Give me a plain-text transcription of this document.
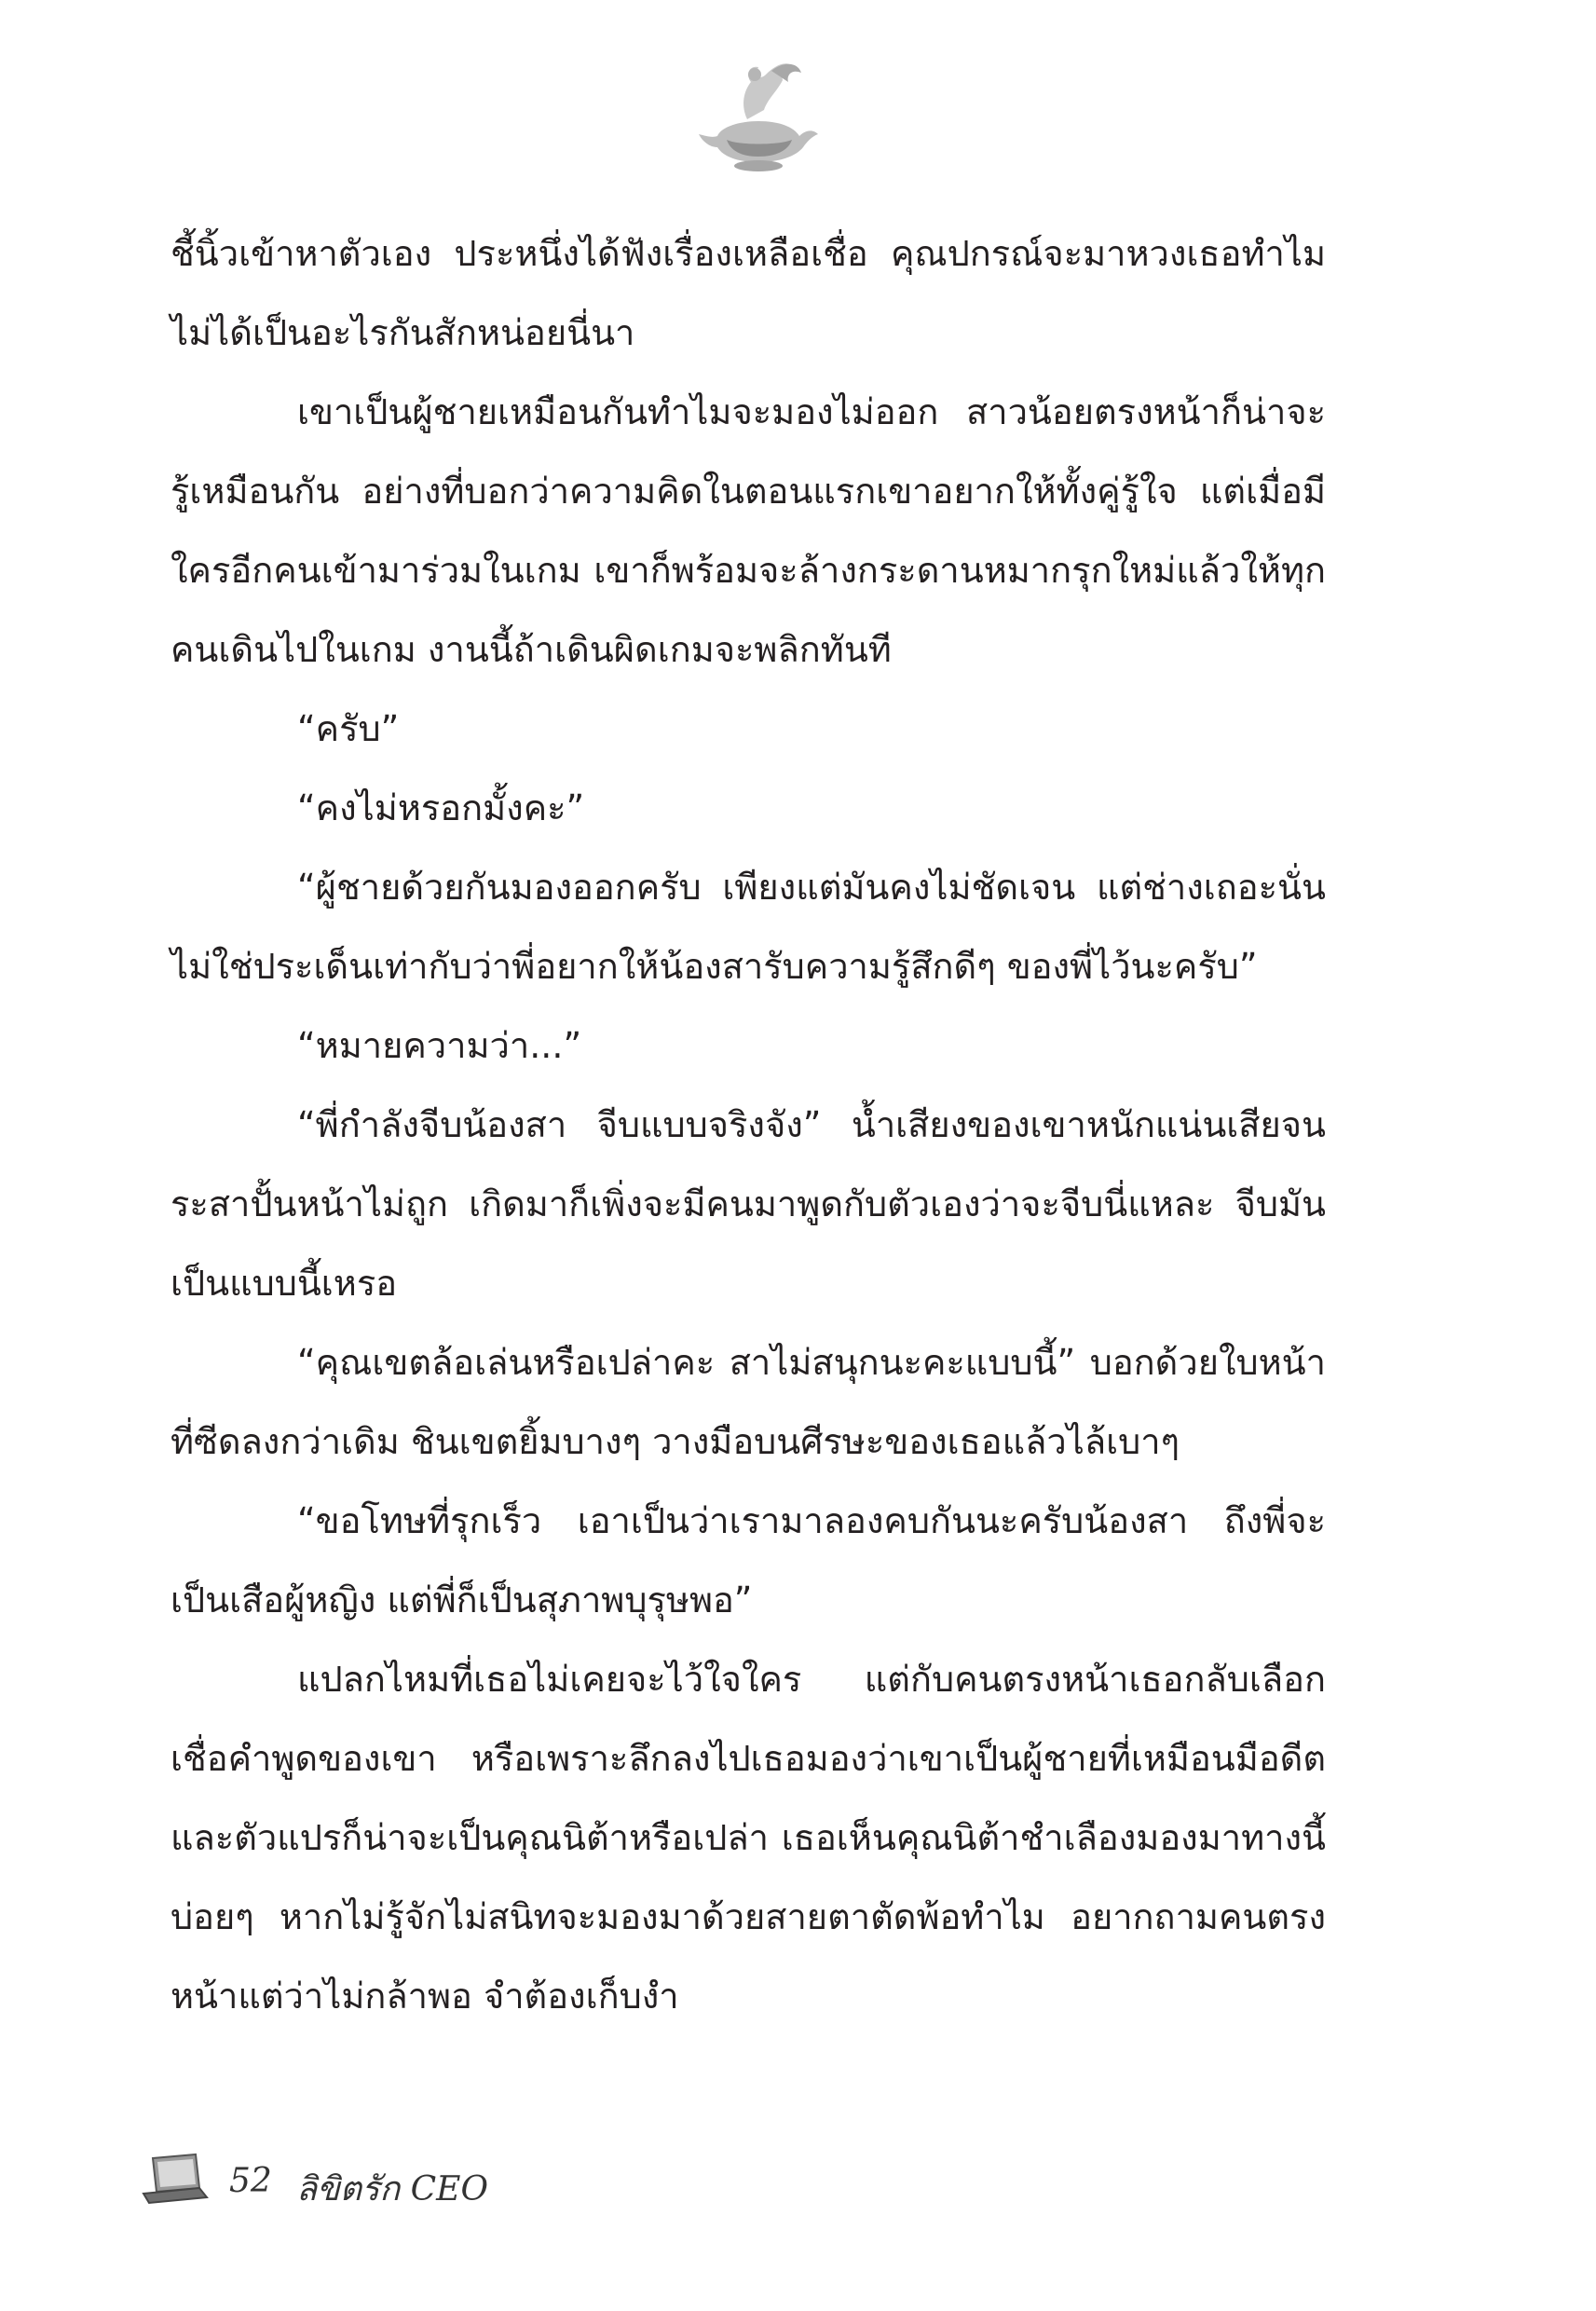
ชี้นิ้วเข้าหาตัวเอง ประหนึ่งได้ฟังเรื่องเหลือเชื่อ คุณปกรณ์จะมาหวงเธอทำไม ไม่ได้เป็นอะไรกันสักหน่อยนี่นา

เขาเป็นผู้ชายเหมือนกันทำไมจะมองไม่ออก สาวน้อยตรงหน้าก็น่าจะรู้เหมือนกัน อย่างที่บอกว่าความคิดในตอนแรกเขาอยากให้ทั้งคู่รู้ใจ แต่เมื่อมีใครอีกคนเข้ามาร่วมในเกม เขาก็พร้อมจะล้างกระดานหมากรุกใหม่แล้วให้ทุกคนเดินไปในเกม งานนี้ถ้าเดินผิดเกมจะพลิกทันที

“ครับ”

“คงไม่หรอกมั้งคะ”

“ผู้ชายด้วยกันมองออกครับ เพียงแต่มันคงไม่ชัดเจน แต่ช่างเถอะนั่นไม่ใช่ประเด็นเท่ากับว่าพี่อยากให้น้องสารับความรู้สึกดีๆ ของพี่ไว้นะครับ”

“หมายความว่า...”

“พี่กำลังจีบน้องสา จีบแบบจริงจัง” น้ำเสียงของเขาหนักแน่นเสียจนระสาปั้นหน้าไม่ถูก เกิดมาก็เพิ่งจะมีคนมาพูดกับตัวเองว่าจะจีบนี่แหละ จีบมันเป็นแบบนี้เหรอ

“คุณเขตล้อเล่นหรือเปล่าคะ สาไม่สนุกนะคะแบบนี้” บอกด้วยใบหน้าที่ซีดลงกว่าเดิม ชินเขตยิ้มบางๆ วางมือบนศีรษะของเธอแล้วไล้เบาๆ

“ขอโทษที่รุกเร็ว เอาเป็นว่าเรามาลองคบกันนะครับน้องสา ถึงพี่จะเป็นเสือผู้หญิง แต่พี่ก็เป็นสุภาพบุรุษพอ”

แปลกไหมที่เธอไม่เคยจะไว้ใจใคร แต่กับคนตรงหน้าเธอกลับเลือกเชื่อคำพูดของเขา หรือเพราะลึกลงไปเธอมองว่าเขาเป็นผู้ชายที่เหมือนมือดีต และตัวแปรก็น่าจะเป็นคุณนิต้าหรือเปล่า เธอเห็นคุณนิต้าชำเลืองมองมาทางนี้บ่อยๆ หากไม่รู้จักไม่สนิทจะมองมาด้วยสายตาตัดพ้อทำไม อยากถามคนตรงหน้าแต่ว่าไม่กล้าพอ จำต้องเก็บงำ

52 ลิขิตรัก CEO
